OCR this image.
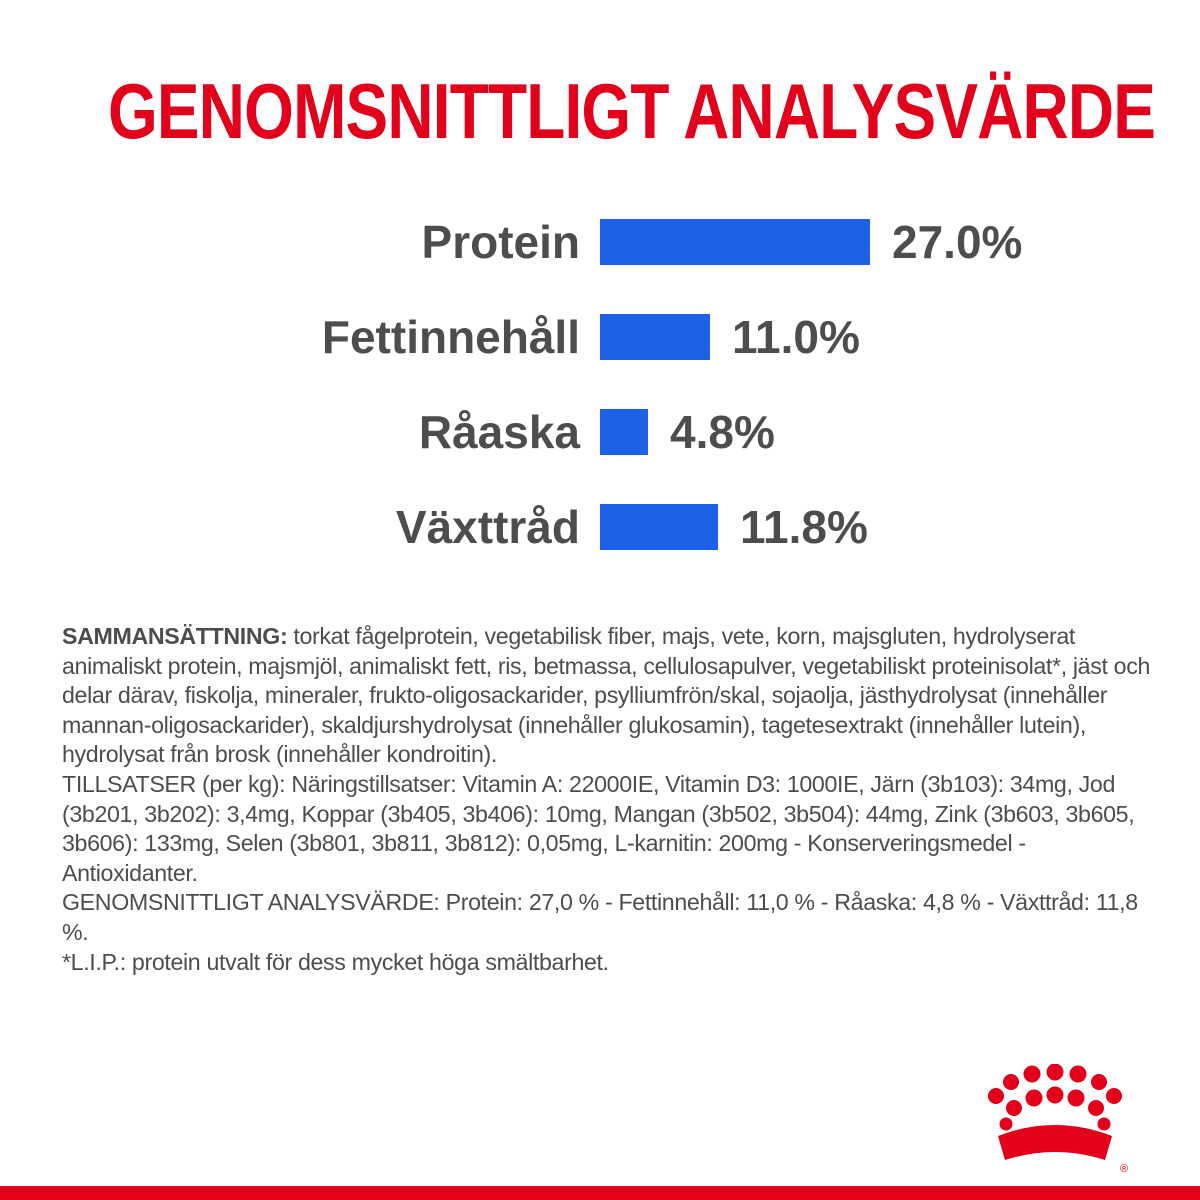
GENOMSNITTLIGT ANALYSVÄRDE
Protein	27.0%
Fettinnehåll	11.0%
Råaska 4.8%
Växttråd	11.8%

SAMMANSÄTTNING: torkat fågelprotein, vegetabilisk fiber, majs, vete, korn, majsgluten, hydrolyserat animaliskt protein, majsmjöl, animaliskt fett, ris, betmassa, cellulosapulver, vegetabiliskt proteinisolat*, jäst och delar därav, fiskolja, mineraler, frukto-oligosackarider, psylliumfrön/skal, sojaolja, jästhydrolysat (innehåller mannan-oligosackarider), skaldjurshydrolysat (innehåller glukosamin), tagetesextrakt (innehåller lutein), hydrolysat från brosk (innehåller kondroitin).

TILLSATSER (per kg): Näringstillsatser: Vitamin A: 22000IE, Vitamin D3: 1000IE, Järn (3b103): 34mg, Jod (3b201, 3b202): 3,4mg, Koppar (3b405, 3b406): 10mg, Mangan (3b502, 3b504): 44mg, Zink (3b603, 3b605, 3b606): 133mg, Selen (3b801, 3b811, 3b812): 0,05mg, L-karnitin: 200mg - Konserveringsmedel - Antioxidanter.

GENOMSNITTLIGT ANALYSVÄRDE: Protein: 27,0 % - Fettinnehåll: 11,0 % - Råaska: 4,8 % - Växttråd: 11,8 %.

*L.I.P.: protein utvalt för dess mycket höga smältbarhet.

®
